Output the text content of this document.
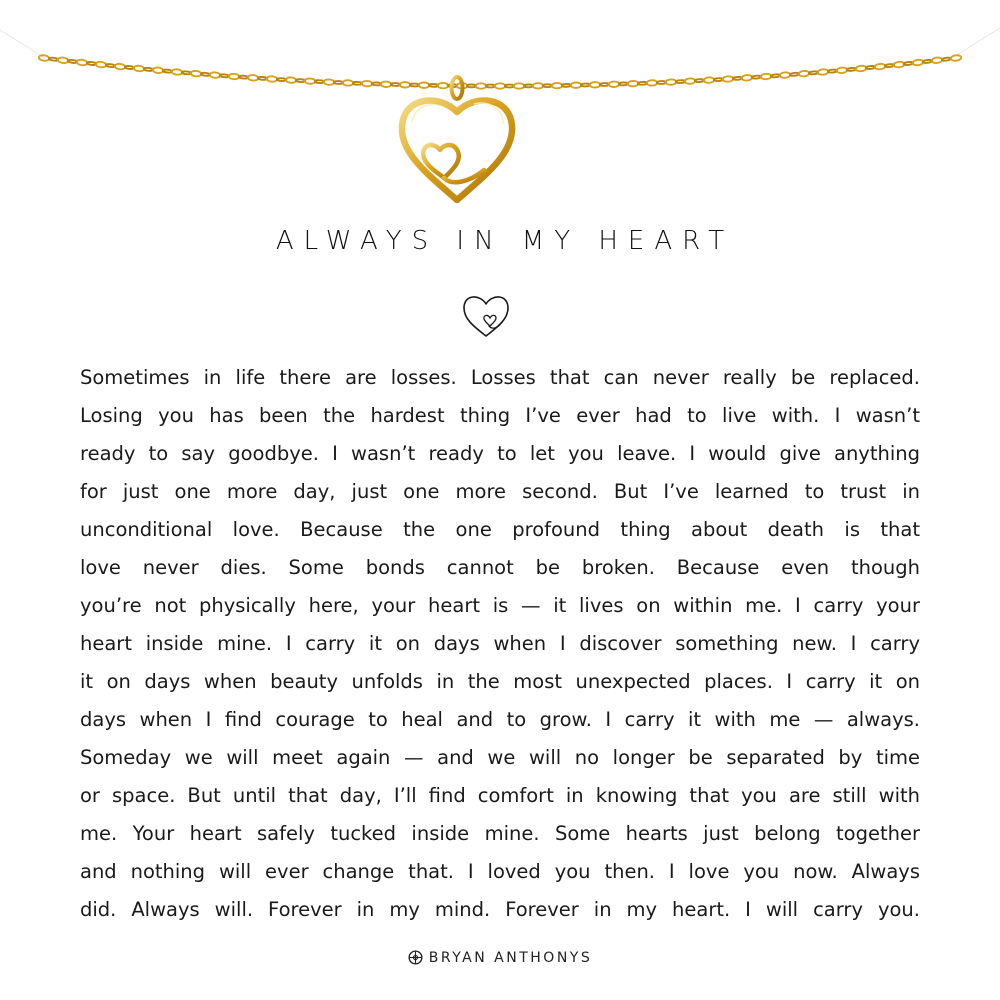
ALWAYS IN MY HEART
Sometimes in life there are losses. Losses that can never really be replaced.
Losing you has been the hardest thing I’ve ever had to live with. I wasn’t
ready to say goodbye. I wasn’t ready to let you leave. I would give anything
for just one more day, just one more second. But I’ve learned to trust in
unconditional love. Because the one profound thing about death is that
love never dies. Some bonds cannot be broken. Because even though
you’re not physically here, your heart is — it lives on within me. I carry your
heart inside mine. I carry it on days when I discover something new. I carry
it on days when beauty unfolds in the most unexpected places. I carry it on
days when I find courage to heal and to grow. I carry it with me — always.
Someday we will meet again — and we will no longer be separated by time
or space. But until that day, I’ll find comfort in knowing that you are still with
me. Your heart safely tucked inside mine. Some hearts just belong together
and nothing will ever change that. I loved you then. I love you now. Always
did. Always will. Forever in my mind. Forever in my heart. I will carry you.
BRYAN ANTHONYS
